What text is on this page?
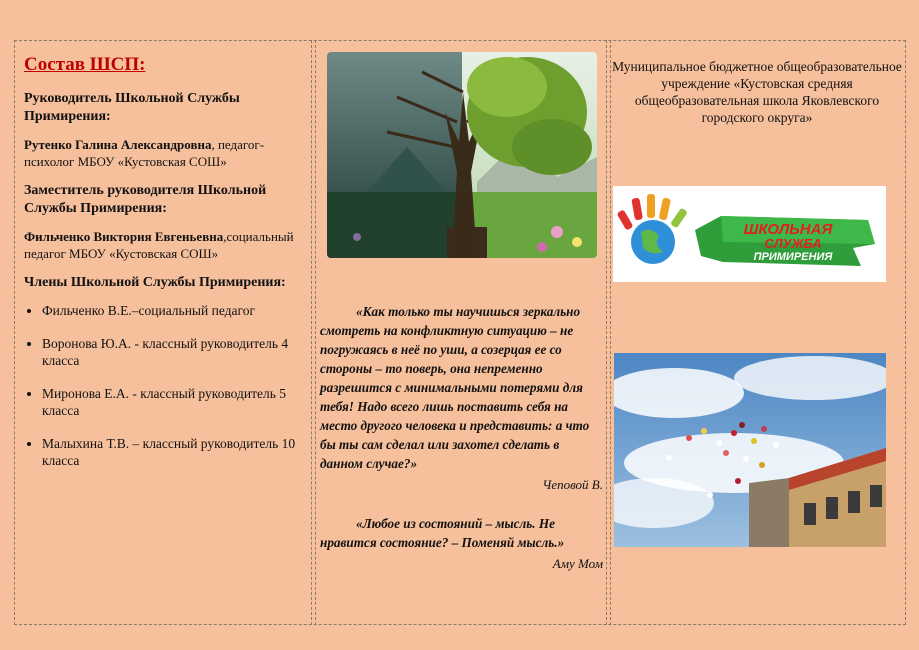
Состав ШСП:
Руководитель Школьной Службы Примирения:
Рутенко Галина Александровна, педагог-психолог МБОУ «Кустовская СОШ»
Заместитель руководителя Школьной Службы Примирения:
Фильченко Виктория Евгеньевна,социальный педагог МБОУ «Кустовская СОШ»
Члены Школьной Службы Примирения:
• Фильченко В.Е.–социальный педагог
• Воронова Ю.А. - классный руководитель 4 класса
• Миронова Е.А. - классный руководитель 5 класса
• Малыхина Т.В. – классный руководитель 10 класса

«Как только ты научишься зеркально смотреть на конфликтную ситуацию – не погружаясь в неё по уши, а созерцая ее со стороны – то поверь, она непременно разрешится с минимальными потерями для тебя! Надо всего лишь поставить себя на место другого человека и представить: а что бы ты сам сделал или захотел сделать в данном случае?»

Чеповой В.

«Любое из состояний – мысль. Не нравится состояние? – Поменяй мысль.»

Аму Мом

Муниципальное бюджетное общеобразовательное учреждение «Кустовская средняя общеобразовательная школа Яковлевского городского округа»
ШКОЛЬНАЯ
СЛУЖБА
ПРИМИРЕНИЯ
